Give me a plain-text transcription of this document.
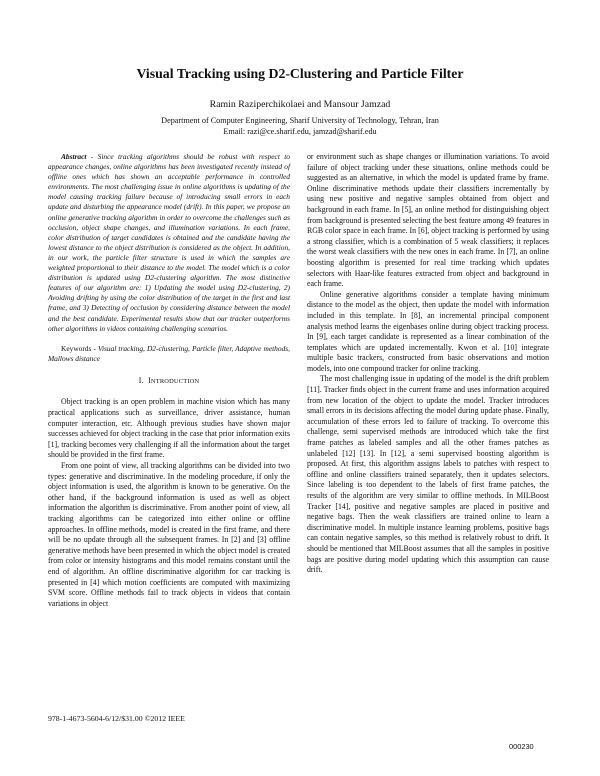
Visual Tracking using D2-Clustering and Particle Filter
Ramin Raziperchikolaei and Mansour Jamzad
Department of Computer Engineering, Sharif University of Technology, Tehran, Iran
Email: razi@ce.sharif.edu, jamzad@sharif.edu

Abstract - Since tracking algorithms should be robust with respect to appearance changes, online algorithms has been investigated recently instead of offline ones which has shown an acceptable performance in controlled environments. The most challenging issue in online algorithms is updating of the model causing tracking failure because of introducing small errors in each update and disturbing the appearance model (drift). In this paper, we propose an online generative tracking algorithm in order to overcome the challenges such as occlusion, object shape changes, and illumination variations. In each frame, color distribution of target candidates is obtained and the candidate having the lowest distance to the object distribution is considered as the object. In addition, in our work, the particle filter structure is used in which the samples are weighted proportional to their distance to the model. The model which is a color distribution is updated using D2-clustering algorithm. The most distinctive features of our algorithm are: 1) Updating the model using D2-clustering, 2) Avoiding drifting by using the color distribution of the target in the first and last frame, and 3) Detecting of occlusion by considering distance between the model and the best candidate. Experimental results show that our tracker outperforms other algorithms in videos containing challenging scenarios.

Keywords - Visual tracking, D2-clustering, Particle filter, Adaptive methods, Mallows distance

I. INTRODUCTION

Object tracking is an open problem in machine vision which has many practical applications such as surveillance, driver assistance, human computer interaction, etc. Although previous studies have shown major successes achieved for object tracking in the case that prior information exits [1], tracking becomes very challenging if all the information about the target should be provided in the first frame.

From one point of view, all tracking algorithms can be divided into two types: generative and discriminative. In the modeling procedure, if only the object information is used, the algorithm is known to be generative. On the other hand, if the background information is used as well as object information the algorithm is discriminative. From another point of view, all tracking algorithms can be categorized into either online or offline approaches. In offline methods, model is created in the first frame, and there will be no update through all the subsequent frames. In [2] and [3] offline generative methods have been presented in which the object model is created from color or intensity histograms and this model remains constant until the end of algorithm. An offline discriminative algorithm for car tracking is presented in [4] which motion coefficients are computed with maximizing SVM score. Offline methods fail to track objects in videos that contain variations in object

or environment such as shape changes or illumination variations. To avoid failure of object tracking under these situations, online methods could be suggested as an alternative, in which the model is updated frame by frame. Online discriminative methods update their classifiers incrementally by using new positive and negative samples obtained from object and background in each frame. In [5], an online method for distinguishing object from background is presented selecting the best feature among 49 features in RGB color space in each frame. In [6], object tracking is performed by using a strong classifier, which is a combination of 5 weak classifiers; it replaces the worst weak classifiers with the new ones in each frame. In [7], an online boosting algorithm is presented for real time tracking which updates selectors with Haar-like features extracted from object and background in each frame.

Online generative algorithms consider a template having minimum distance to the model as the object, then update the model with information included in this template. In [8], an incremental principal component analysis method learns the eigenbases online during object tracking process. In [9], each target candidate is represented as a linear combination of the templates which are updated incrementally. Kwon et al. [10] integrate multiple basic trackers, constructed from basic observations and motion models, into one compound tracker for online tracking.

The most challenging issue in updating of the model is the drift problem [11]. Tracker finds object in the current frame and uses information acquired from new location of the object to update the model. Tracker introduces small errors in its decisions affecting the model during update phase. Finally, accumulation of these errors led to failure of tracking. To overcome this challenge, semi supervised methods are introduced which take the first frame patches as labeled samples and all the other frames patches as unlabeled [12] [13]. In [12], a semi supervised boosting algorithm is proposed. At first, this algorithm assigns labels to patches with respect to offline and online classifiers trained separately, then it updates selectors. Since labeling is too dependent to the labels of first frame patches, the results of the algorithm are very similar to offline methods. In MILBoost Tracker [14], positive and negative samples are placed in positive and negative bags. Then the weak classifiers are trained online to learn a discriminative model. In multiple instance learning problems, positive bags can contain negative samples, so this method is relatively robust to drift. It should be mentioned that MILBoost assumes that all the samples in positive bags are positive during model updating which this assumption can cause drift.

978-1-4673-5604-6/12/$31.00 ©2012 IEEE
000230
